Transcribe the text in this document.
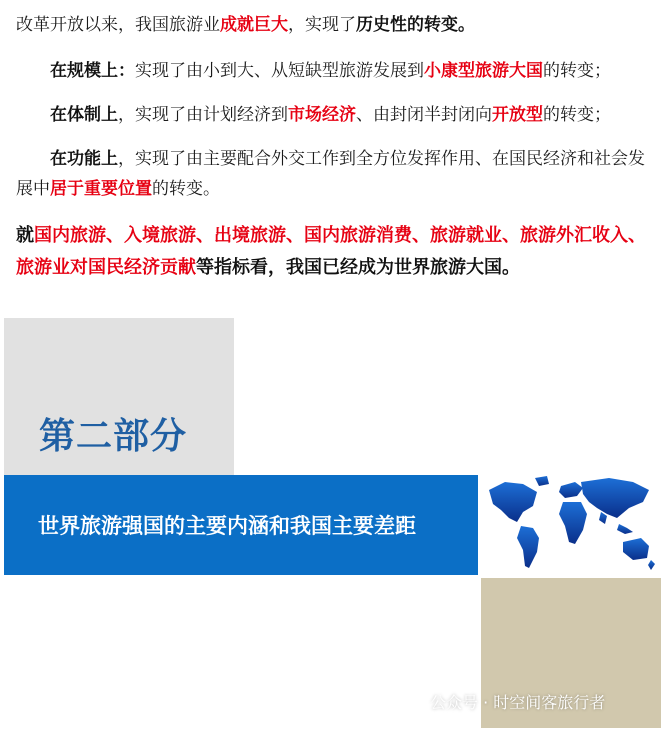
改革开放以来，我国旅游业成就巨大，实现了历史性的转变。

在规模上：实现了由小到大、从短缺型旅游发展到小康型旅游大国的转变；

在体制上，实现了由计划经济到市场经济、由封闭半封闭向开放型的转变；

在功能上，实现了由主要配合外交工作到全方位发挥作用、在国民经济和社会发展中居于重要位置的转变。

就国内旅游、入境旅游、出境旅游、国内旅游消费、旅游就业、旅游外汇收入、旅游业对国民经济贡献等指标看，我国已经成为世界旅游大国。

第二部分
世界旅游强国的主要内涵和我国主要差距
公众号 · 时空间客旅行者
